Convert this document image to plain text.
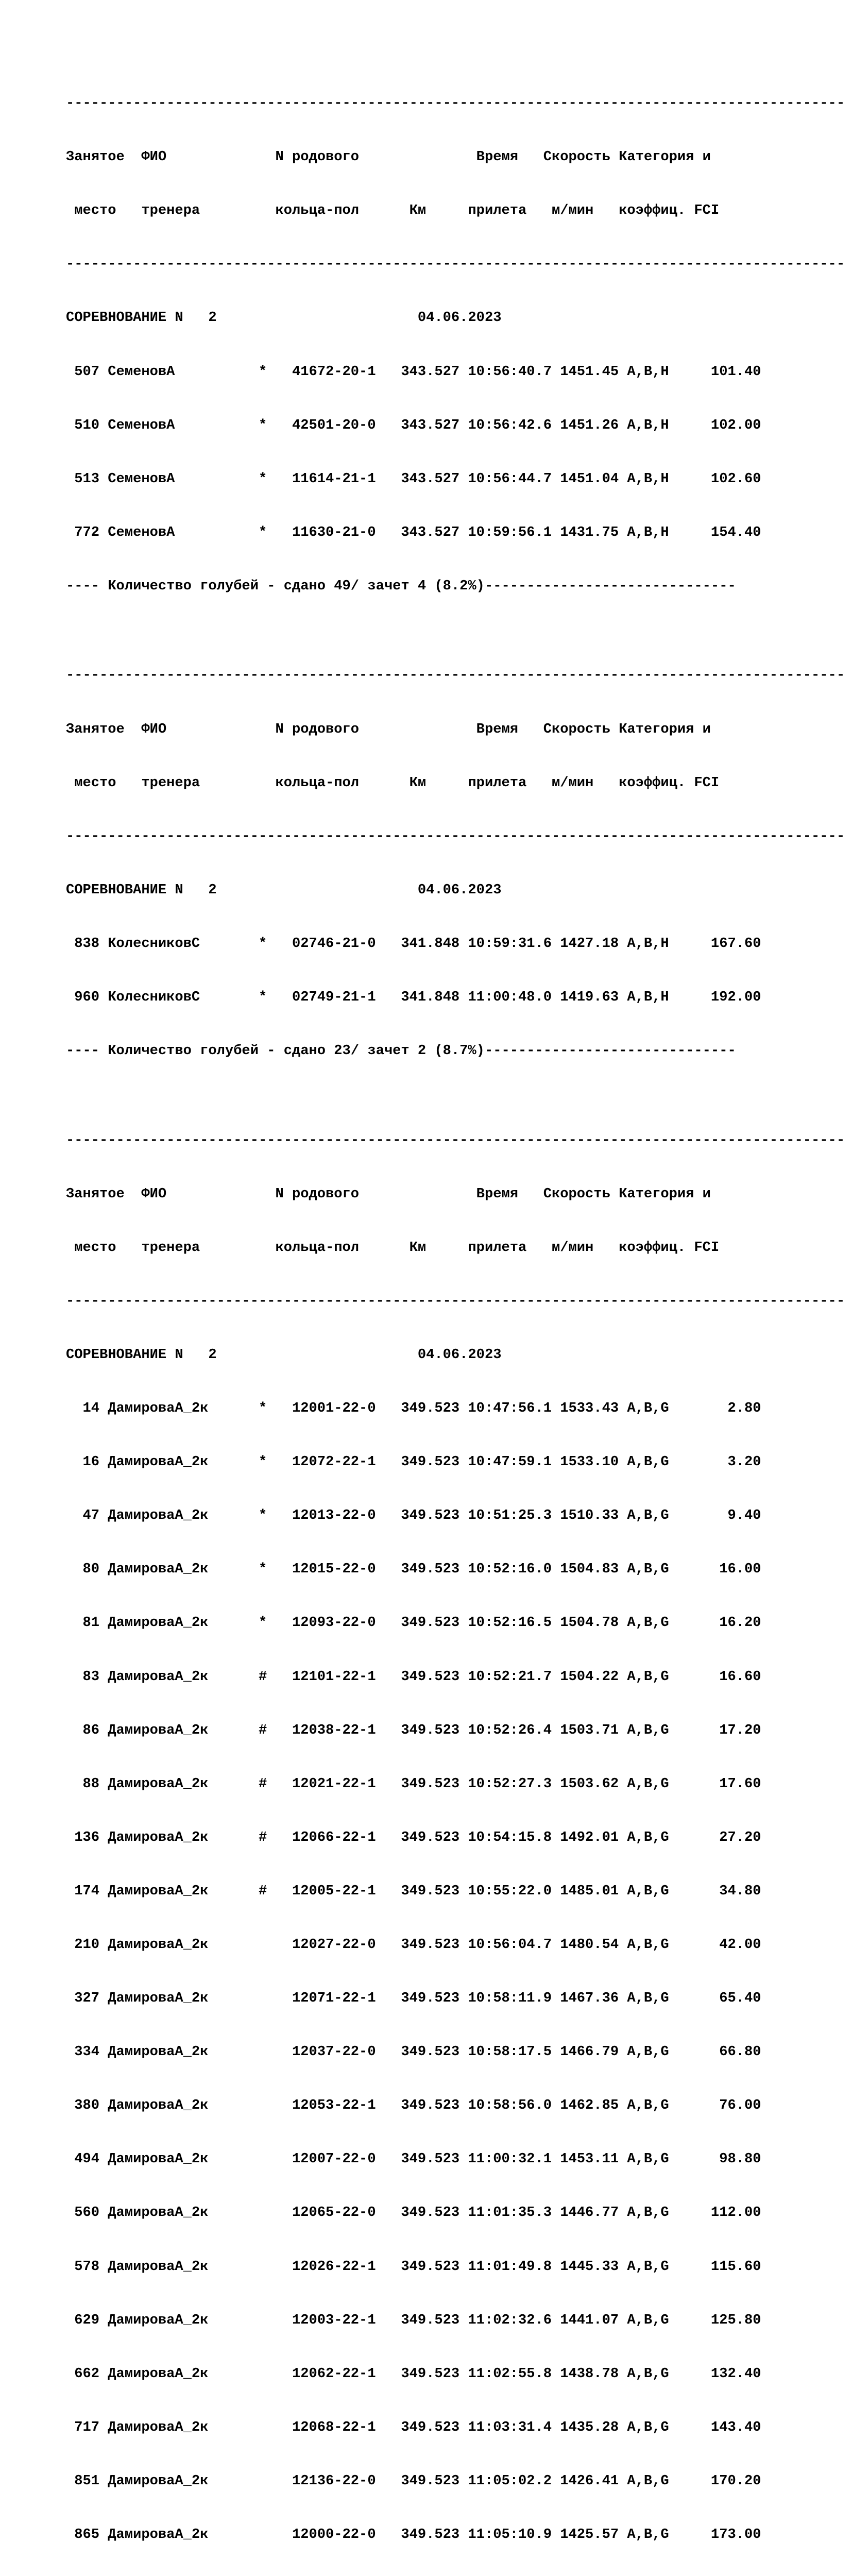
---------------------------------------------------------------------------------------------

Занятое  ФИО             N родового              Время   Скорость Категория и

место   тренера         кольца-пол      Км     прилета   м/мин   коэффиц. FCI

---------------------------------------------------------------------------------------------

СОРЕВНОВАНИЕ N   2                        04.06.2023

507 СеменовА          *   41672-20-1   343.527 10:56:40.7 1451.45 A,B,H     101.40

510 СеменовА          *   42501-20-0   343.527 10:56:42.6 1451.26 A,B,H     102.00

513 СеменовА          *   11614-21-1   343.527 10:56:44.7 1451.04 A,B,H     102.60

772 СеменовА          *   11630-21-0   343.527 10:59:56.1 1431.75 A,B,H     154.40

---- Количество голубей - сдано 49/ зачет 4 (8.2%)------------------------------

---------------------------------------------------------------------------------------------

Занятое  ФИО             N родового              Время   Скорость Категория и

место   тренера         кольца-пол      Км     прилета   м/мин   коэффиц. FCI

---------------------------------------------------------------------------------------------

СОРЕВНОВАНИЕ N   2                        04.06.2023

838 КолесниковС       *   02746-21-0   341.848 10:59:31.6 1427.18 A,B,H     167.60

960 КолесниковС       *   02749-21-1   341.848 11:00:48.0 1419.63 A,B,H     192.00

---- Количество голубей - сдано 23/ зачет 2 (8.7%)------------------------------

---------------------------------------------------------------------------------------------

Занятое  ФИО             N родового              Время   Скорость Категория и

место   тренера         кольца-пол      Км     прилета   м/мин   коэффиц. FCI

---------------------------------------------------------------------------------------------

СОРЕВНОВАНИЕ N   2                        04.06.2023

14 ДамироваА_2к      *   12001-22-0   349.523 10:47:56.1 1533.43 A,B,G       2.80

16 ДамироваА_2к      *   12072-22-1   349.523 10:47:59.1 1533.10 A,B,G       3.20

47 ДамироваА_2к      *   12013-22-0   349.523 10:51:25.3 1510.33 A,B,G       9.40

80 ДамироваА_2к      *   12015-22-0   349.523 10:52:16.0 1504.83 A,B,G      16.00

81 ДамироваА_2к      *   12093-22-0   349.523 10:52:16.5 1504.78 A,B,G      16.20

83 ДамироваА_2к      #   12101-22-1   349.523 10:52:21.7 1504.22 A,B,G      16.60

86 ДамироваА_2к      #   12038-22-1   349.523 10:52:26.4 1503.71 A,B,G      17.20

88 ДамироваА_2к      #   12021-22-1   349.523 10:52:27.3 1503.62 A,B,G      17.60

136 ДамироваА_2к      #   12066-22-1   349.523 10:54:15.8 1492.01 A,B,G      27.20

174 ДамироваА_2к      #   12005-22-1   349.523 10:55:22.0 1485.01 A,B,G      34.80

210 ДамироваА_2к          12027-22-0   349.523 10:56:04.7 1480.54 A,B,G      42.00

327 ДамироваА_2к          12071-22-1   349.523 10:58:11.9 1467.36 A,B,G      65.40

334 ДамироваА_2к          12037-22-0   349.523 10:58:17.5 1466.79 A,B,G      66.80

380 ДамироваА_2к          12053-22-1   349.523 10:58:56.0 1462.85 A,B,G      76.00

494 ДамироваА_2к          12007-22-0   349.523 11:00:32.1 1453.11 A,B,G      98.80

560 ДамироваА_2к          12065-22-0   349.523 11:01:35.3 1446.77 A,B,G     112.00

578 ДамироваА_2к          12026-22-1   349.523 11:01:49.8 1445.33 A,B,G     115.60

629 ДамироваА_2к          12003-22-1   349.523 11:02:32.6 1441.07 A,B,G     125.80

662 ДамироваА_2к          12062-22-1   349.523 11:02:55.8 1438.78 A,B,G     132.40

717 ДамироваА_2к          12068-22-1   349.523 11:03:31.4 1435.28 A,B,G     143.40

851 ДамироваА_2к          12136-22-0   349.523 11:05:02.2 1426.41 A,B,G     170.20

865 ДамироваА_2к          12000-22-0   349.523 11:05:10.9 1425.57 A,B,G     173.00
